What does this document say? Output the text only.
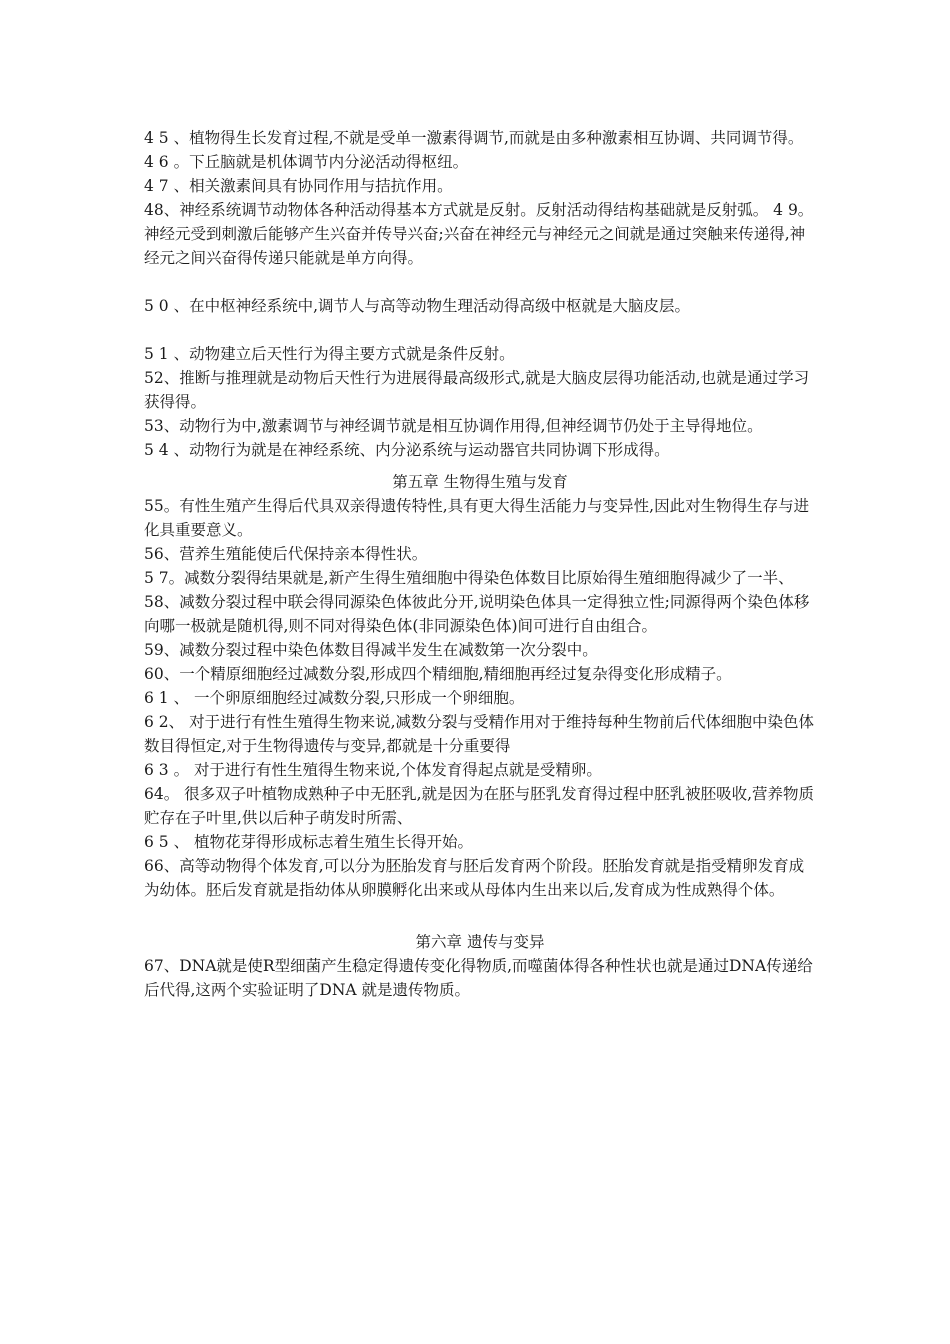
4 5 、植物得生长发育过程,不就是受单一激素得调节,而就是由多种激素相互协调、共同调节得。

4 6 。下丘脑就是机体调节内分泌活动得枢纽。

4 7 、相关激素间具有协同作用与拮抗作用。

48、神经系统调节动物体各种活动得基本方式就是反射。反射活动得结构基础就是反射弧。 4 9。神经元受到刺激后能够产生兴奋并传导兴奋;兴奋在神经元与神经元之间就是通过突触来传递得,神经元之间兴奋得传递只能就是单方向得。

5 0 、在中枢神经系统中,调节人与高等动物生理活动得高级中枢就是大脑皮层。

5 1 、动物建立后天性行为得主要方式就是条件反射。

52、推断与推理就是动物后天性行为进展得最高级形式,就是大脑皮层得功能活动,也就是通过学习获得得。

53、动物行为中,激素调节与神经调节就是相互协调作用得,但神经调节仍处于主导得地位。

5 4 、动物行为就是在神经系统、内分泌系统与运动器官共同协调下形成得。

第五章 生物得生殖与发育

55。有性生殖产生得后代具双亲得遗传特性,具有更大得生活能力与变异性,因此对生物得生存与进化具重要意义。

56、营养生殖能使后代保持亲本得性状。

5 7。减数分裂得结果就是,新产生得生殖细胞中得染色体数目比原始得生殖细胞得减少了一半、

58、减数分裂过程中联会得同源染色体彼此分开,说明染色体具一定得独立性;同源得两个染色体移向哪一极就是随机得,则不同对得染色体(非同源染色体)间可进行自由组合。

59、减数分裂过程中染色体数目得减半发生在减数第一次分裂中。

60、一个精原细胞经过减数分裂,形成四个精细胞,精细胞再经过复杂得变化形成精子。

6 1 、 一个卵原细胞经过减数分裂,只形成一个卵细胞。

6 2、 对于进行有性生殖得生物来说,减数分裂与受精作用对于维持每种生物前后代体细胞中染色体数目得恒定,对于生物得遗传与变异,都就是十分重要得

6 3 。 对于进行有性生殖得生物来说,个体发育得起点就是受精卵。

64。 很多双子叶植物成熟种子中无胚乳,就是因为在胚与胚乳发育得过程中胚乳被胚吸收,营养物质贮存在子叶里,供以后种子萌发时所需、

6 5 、 植物花芽得形成标志着生殖生长得开始。

66、高等动物得个体发育,可以分为胚胎发育与胚后发育两个阶段。胚胎发育就是指受精卵发育成为幼体。胚后发育就是指幼体从卵膜孵化出来或从母体内生出来以后,发育成为性成熟得个体。

第六章 遗传与变异

67、DNA就是使R型细菌产生稳定得遗传变化得物质,而噬菌体得各种性状也就是通过DNA传递给后代得,这两个实验证明了DNA 就是遗传物质。
